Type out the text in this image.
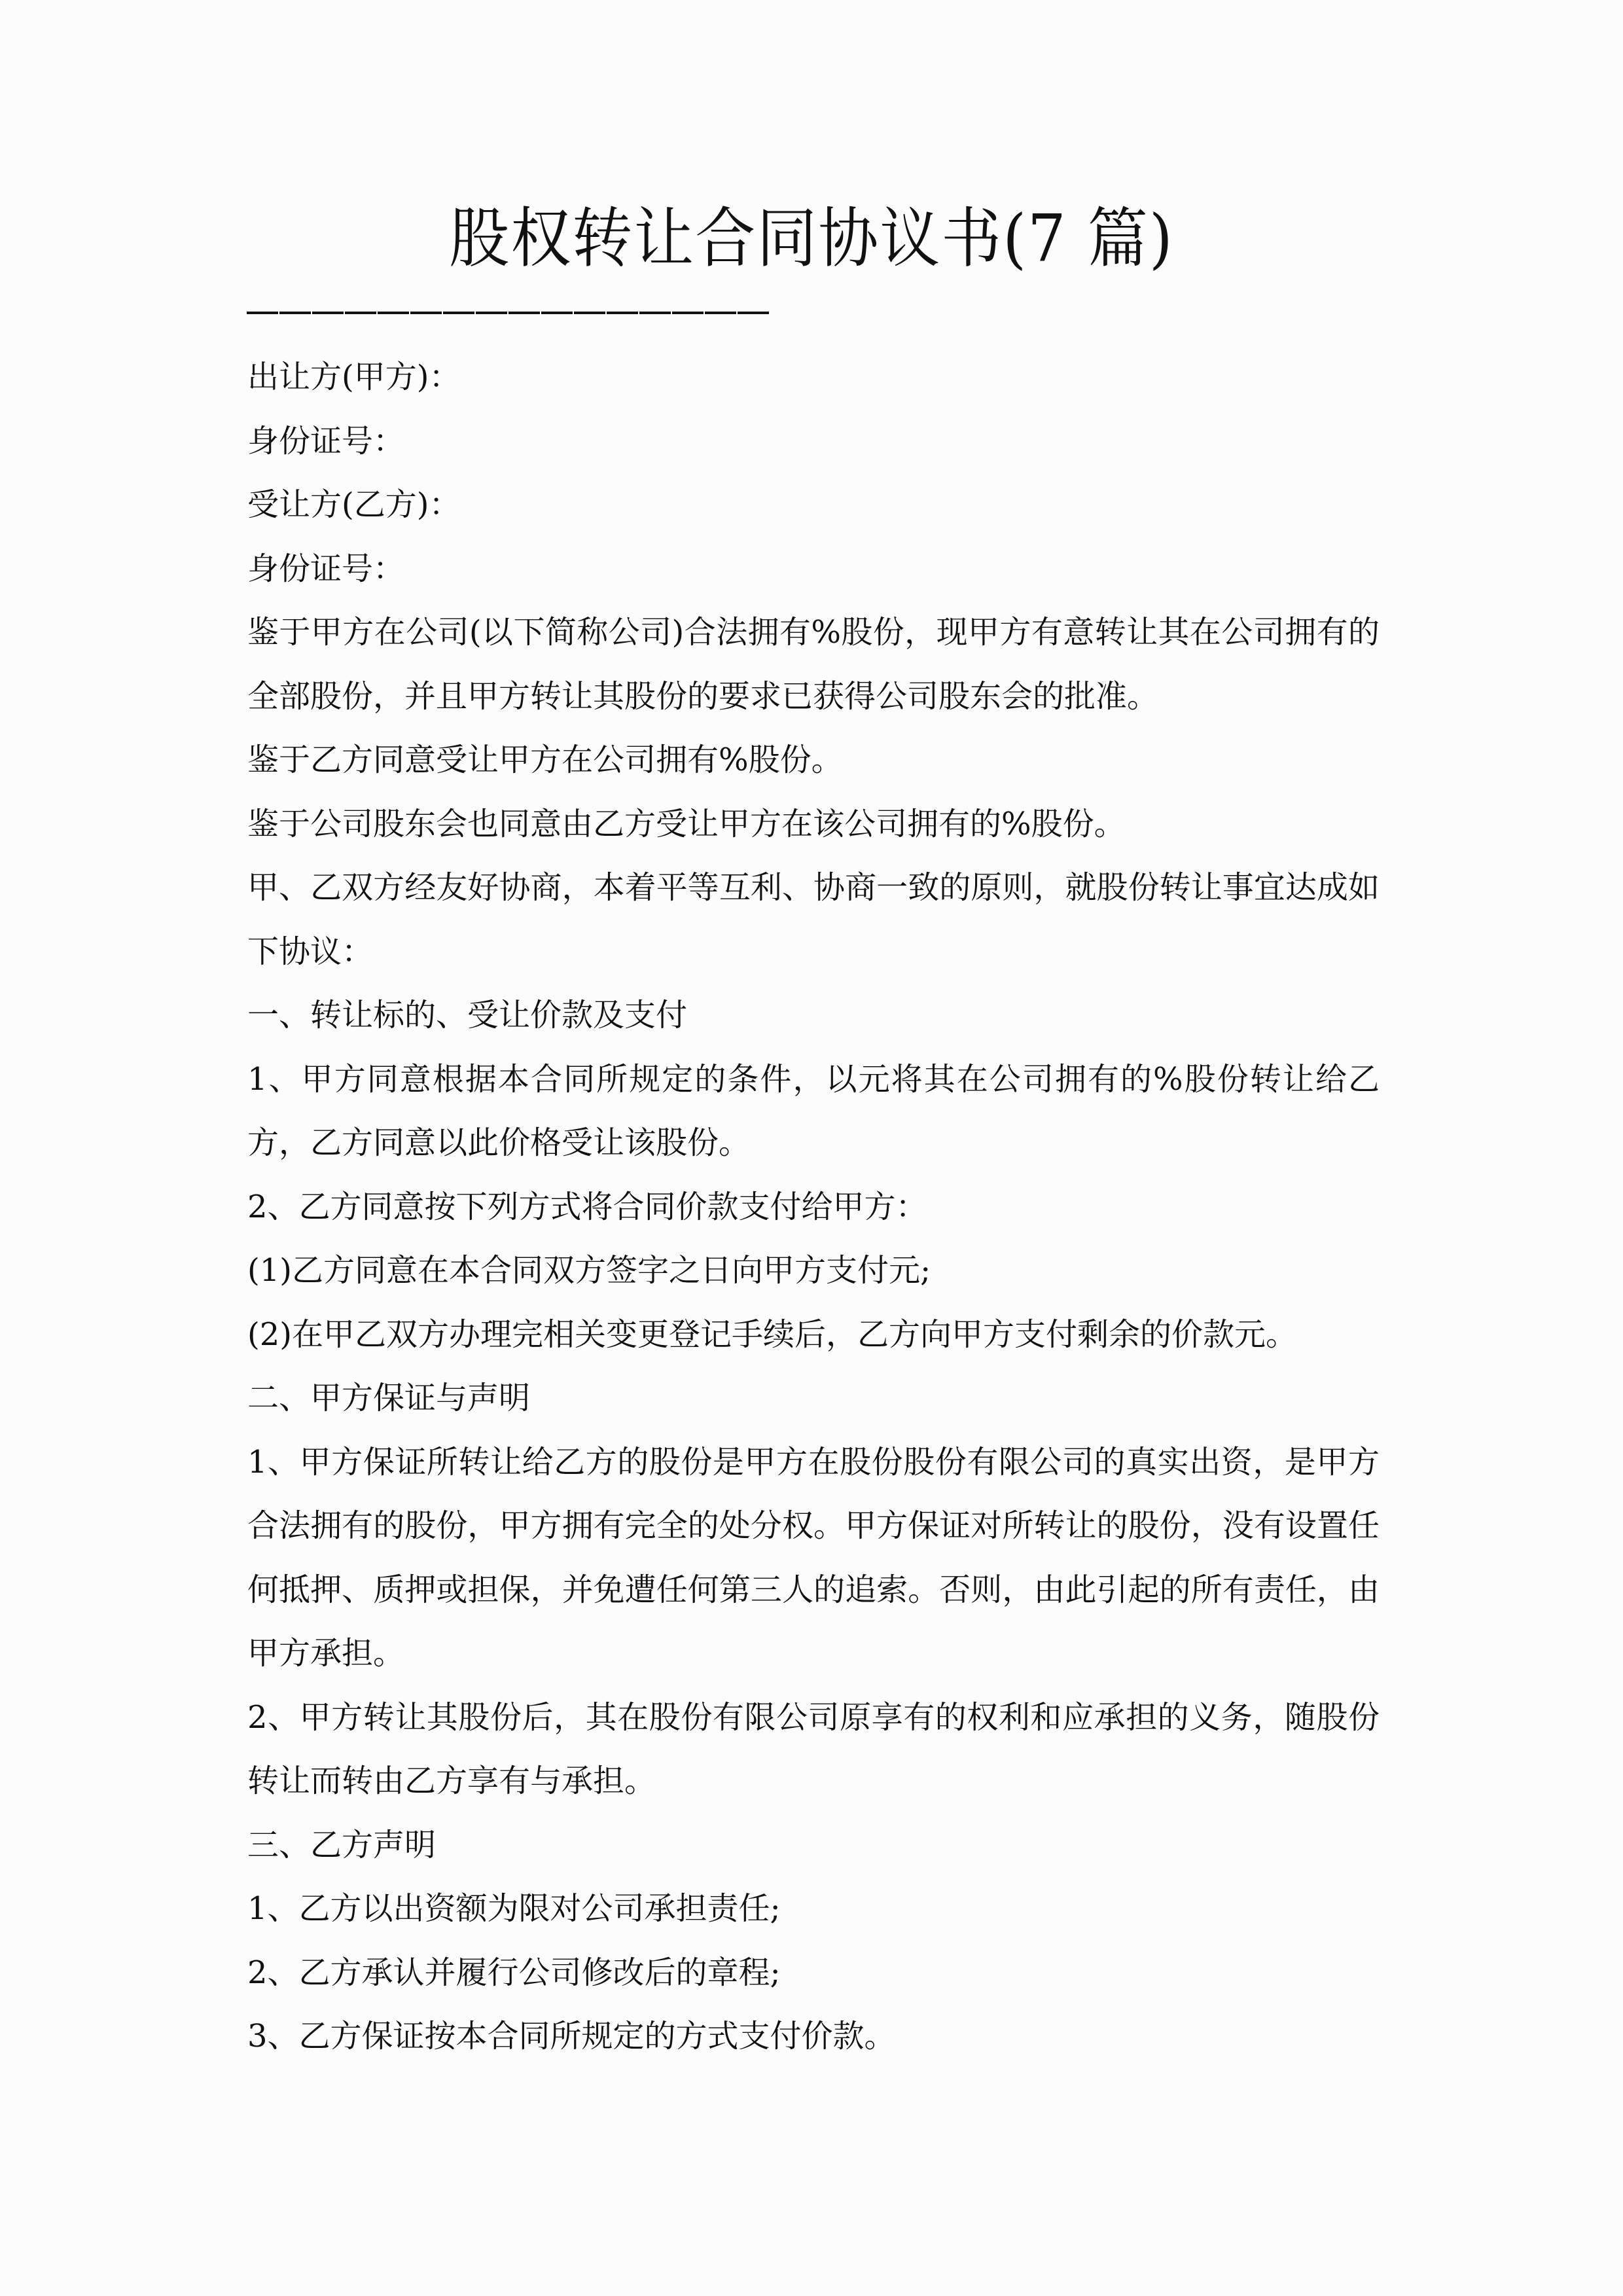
股权转让合同协议书(7 篇)

出让方(甲方)：

身份证号：

受让方(乙方)：

身份证号：

鉴于甲方在公司(以下简称公司)合法拥有%股份，现甲方有意转让其在公司拥有的全部股份，并且甲方转让其股份的要求已获得公司股东会的批准。

鉴于乙方同意受让甲方在公司拥有%股份。

鉴于公司股东会也同意由乙方受让甲方在该公司拥有的%股份。

甲、乙双方经友好协商，本着平等互利、协商一致的原则，就股份转让事宜达成如下协议：

一、转让标的、受让价款及支付

1、甲方同意根据本合同所规定的条件，以元将其在公司拥有的%股份转让给乙方，乙方同意以此价格受让该股份。

2、乙方同意按下列方式将合同价款支付给甲方：

(1)乙方同意在本合同双方签字之日向甲方支付元;

(2)在甲乙双方办理完相关变更登记手续后，乙方向甲方支付剩余的价款元。

二、甲方保证与声明

1、甲方保证所转让给乙方的股份是甲方在股份股份有限公司的真实出资，是甲方合法拥有的股份，甲方拥有完全的处分权。甲方保证对所转让的股份，没有设置任何抵押、质押或担保，并免遭任何第三人的追索。否则，由此引起的所有责任，由甲方承担。

2、甲方转让其股份后，其在股份有限公司原享有的权利和应承担的义务，随股份转让而转由乙方享有与承担。

三、乙方声明

1、乙方以出资额为限对公司承担责任;

2、乙方承认并履行公司修改后的章程;

3、乙方保证按本合同所规定的方式支付价款。
